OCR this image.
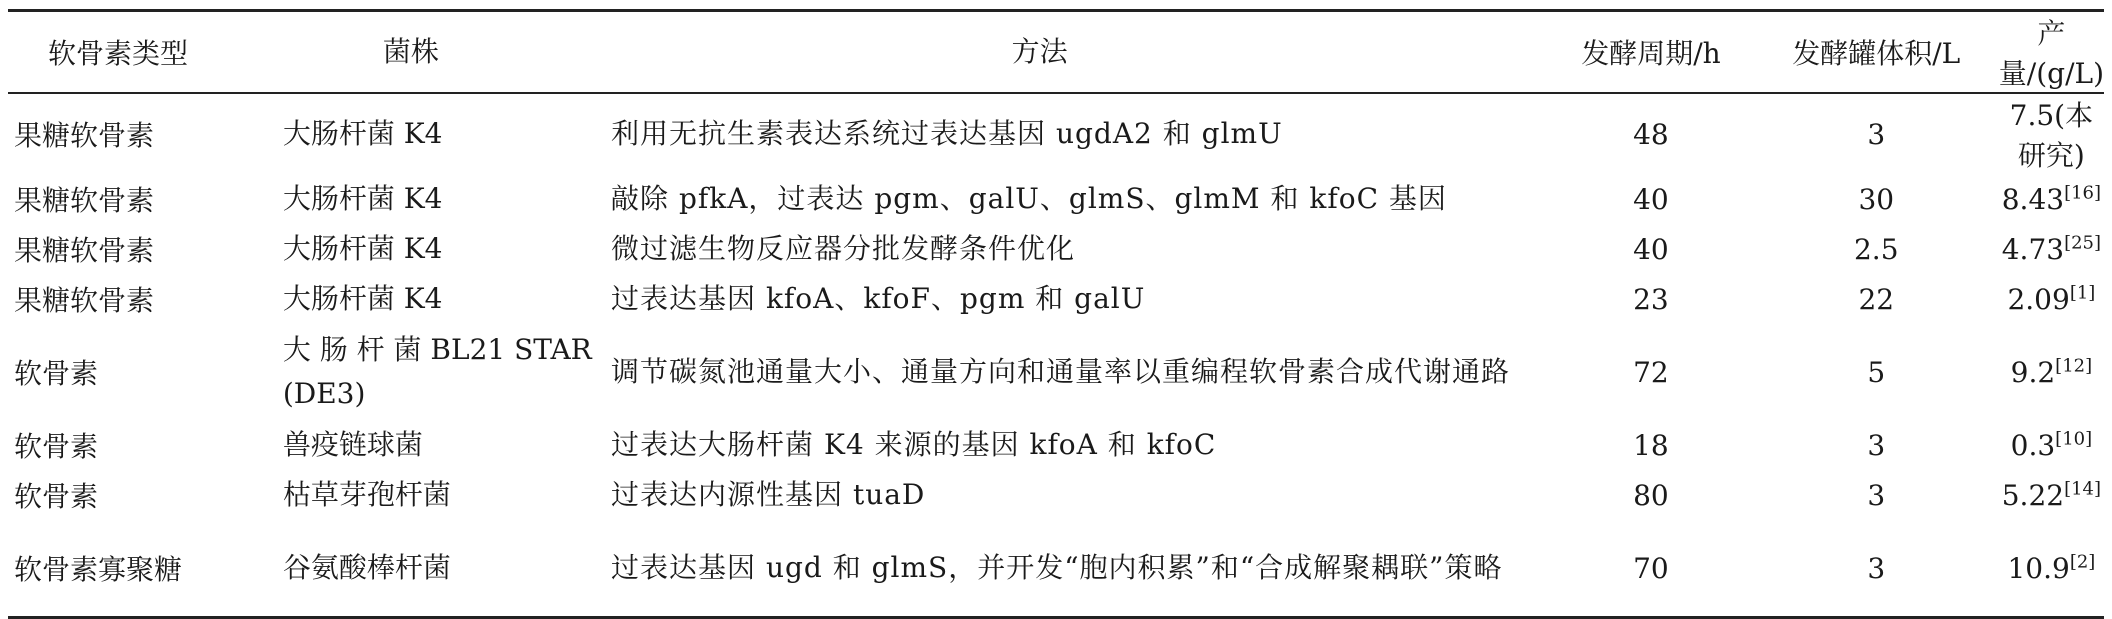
软骨素类型	菌株	方法	发酵周期/h	发酵罐体积/L	产量/(g/L)
果糖软骨素	大肠杆菌 K4	利用无抗生素表达系统过表达基因 ugdA2 和 glmU	48	3	7.5(本研究)
果糖软骨素	大肠杆菌 K4	敲除 pfkA，过表达 pgm、galU、glmS、glmM 和 kfoC 基因	40	30	8.43[16]
果糖软骨素	大肠杆菌 K4	微过滤生物反应器分批发酵条件优化	40	2.5	4.73[25]
果糖软骨素	大肠杆菌 K4	过表达基因 kfoA、kfoF、pgm 和 galU	23	22	2.09[1]
软骨素	大 肠 杆 菌 BL21 STAR (DE3)	调节碳氮池通量大小、通量方向和通量率以重编程软骨素合成代谢通路	72	5	9.2[12]
软骨素	兽疫链球菌	过表达大肠杆菌 K4 来源的基因 kfoA 和 kfoC	18	3	0.3[10]
软骨素	枯草芽孢杆菌	过表达内源性基因 tuaD	80	3	5.22[14]
软骨素寡聚糖	谷氨酸棒杆菌	过表达基因 ugd 和 glmS，并开发“胞内积累”和“合成解聚耦联”策略	70	3	10.9[2]
